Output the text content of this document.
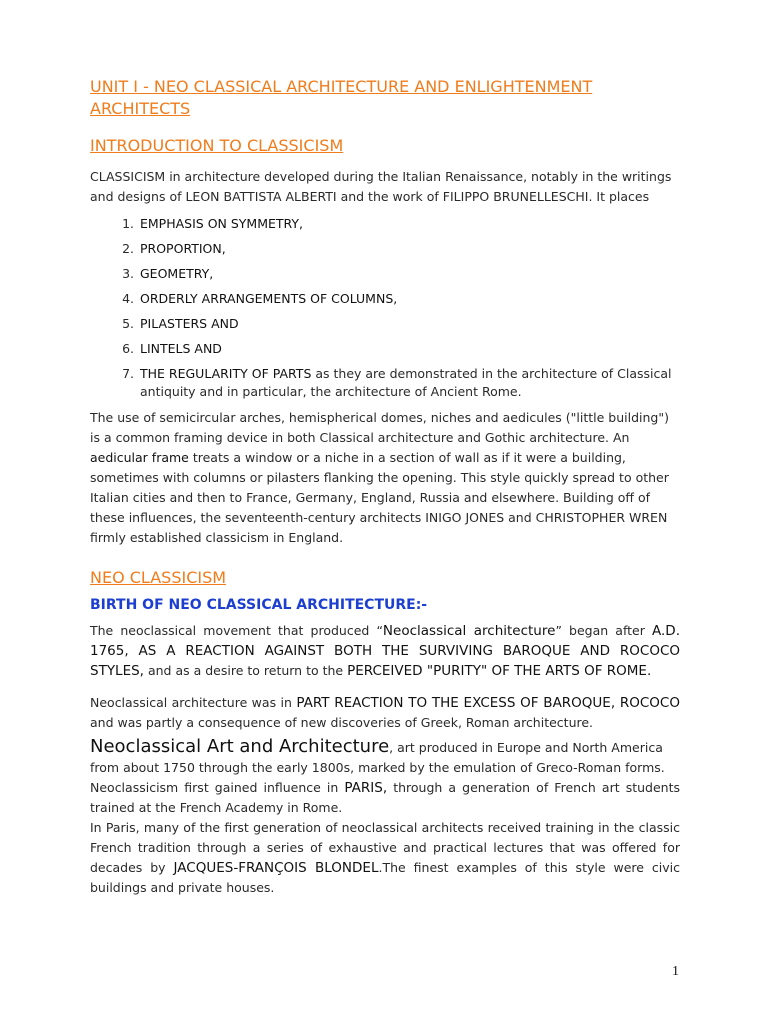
UNIT I - NEO CLASSICAL ARCHITECTURE AND ENLIGHTENMENT ARCHITECTS
INTRODUCTION TO CLASSICISM

CLASSICISM in architecture developed during the Italian Renaissance, notably in the writings and designs of LEON BATTISTA ALBERTI and the work of FILIPPO BRUNELLESCHI. It places

1. EMPHASIS ON SYMMETRY,
2. PROPORTION,
3. GEOMETRY,
4. ORDERLY ARRANGEMENTS OF COLUMNS,
5. PILASTERS AND
6. LINTELS AND
7. THE REGULARITY OF PARTS as they are demonstrated in the architecture of Classical antiquity and in particular, the architecture of Ancient Rome.

The use of semicircular arches, hemispherical domes, niches and aedicules ("little building") is a common framing device in both Classical architecture and Gothic architecture. An aedicular frame treats a window or a niche in a section of wall as if it were a building, sometimes with columns or pilasters flanking the opening. This style quickly spread to other Italian cities and then to France, Germany, England, Russia and elsewhere. Building off of these influences, the seventeenth-century architects INIGO JONES and CHRISTOPHER WREN firmly established classicism in England.

NEO CLASSICISM
BIRTH OF NEO CLASSICAL ARCHITECTURE:-

The neoclassical movement that produced “Neoclassical architecture” began after A.D. 1765, AS A REACTION AGAINST BOTH THE SURVIVING BAROQUE AND ROCOCO STYLES, and as a desire to return to the PERCEIVED "PURITY" OF THE ARTS OF ROME.

Neoclassical architecture was in PART REACTION TO THE EXCESS OF BAROQUE, ROCOCO and was partly a consequence of new discoveries of Greek, Roman architecture.

Neoclassical Art and Architecture, art produced in Europe and North America from about 1750 through the early 1800s, marked by the emulation of Greco-Roman forms.

Neoclassicism first gained influence in PARIS, through a generation of French art students trained at the French Academy in Rome.

In Paris, many of the first generation of neoclassical architects received training in the classic French tradition through a series of exhaustive and practical lectures that was offered for decades by JACQUES-FRANÇOIS BLONDEL.The finest examples of this style were civic buildings and private houses.

1
